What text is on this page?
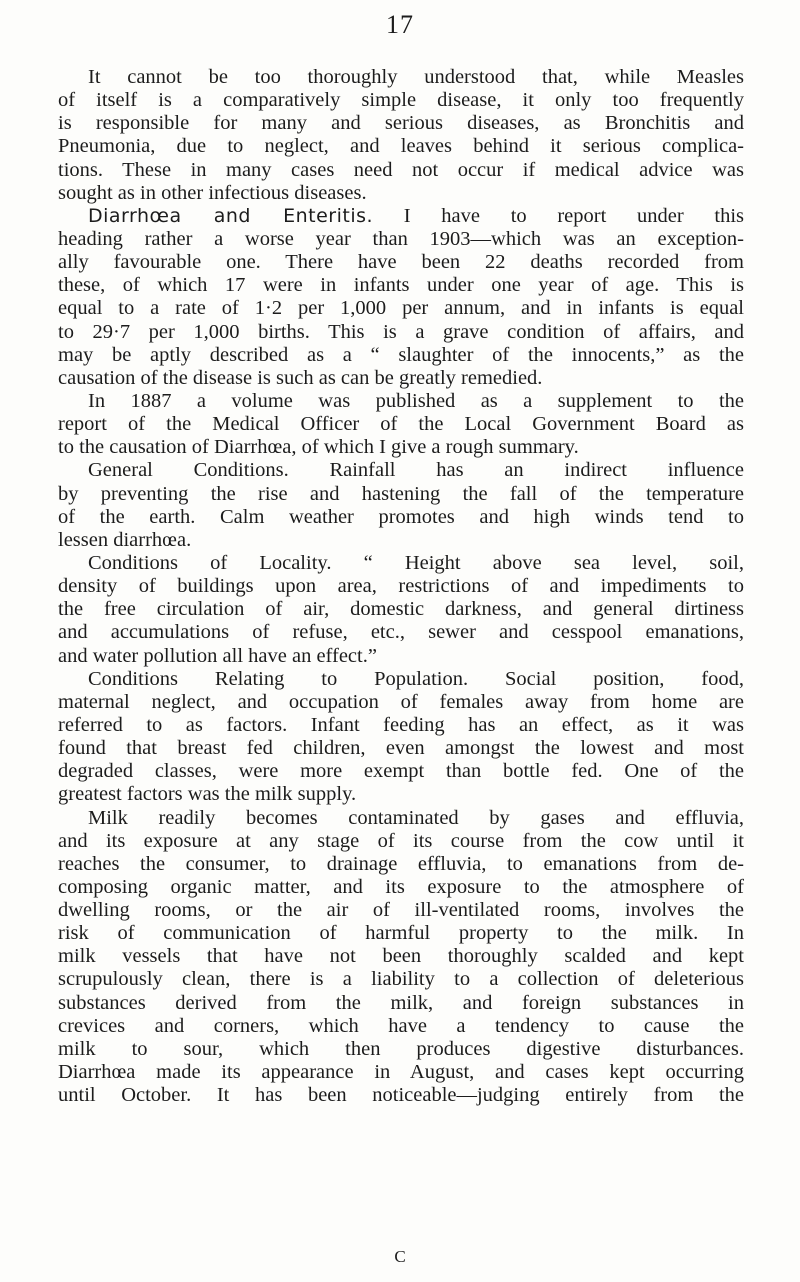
17
It cannot be too thoroughly understood that, while Measles
of itself is a comparatively simple disease, it only too frequently
is responsible for many and serious diseases, as Bronchitis and
Pneumonia, due to neglect, and leaves behind it serious complica-
tions. These in many cases need not occur if medical advice was
sought as in other infectious diseases.
Diarrhœa and Enteritis. I have to report under this
heading rather a worse year than 1903—which was an exception-
ally favourable one. There have been 22 deaths recorded from
these, of which 17 were in infants under one year of age. This is
equal to a rate of 1·2 per 1,000 per annum, and in infants is equal
to 29·7 per 1,000 births. This is a grave condition of affairs, and
may be aptly described as a “ slaughter of the innocents,” as the
causation of the disease is such as can be greatly remedied.
In 1887 a volume was published as a supplement to the
report of the Medical Officer of the Local Government Board as
to the causation of Diarrhœa, of which I give a rough summary.
General Conditions. Rainfall has an indirect influence
by preventing the rise and hastening the fall of the temperature
of the earth. Calm weather promotes and high winds tend to
lessen diarrhœa.
Conditions of Locality. “ Height above sea level, soil,
density of buildings upon area, restrictions of and impediments to
the free circulation of air, domestic darkness, and general dirtiness
and accumulations of refuse, etc., sewer and cesspool emanations,
and water pollution all have an effect.”
Conditions Relating to Population. Social position, food,
maternal neglect, and occupation of females away from home are
referred to as factors. Infant feeding has an effect, as it was
found that breast fed children, even amongst the lowest and most
degraded classes, were more exempt than bottle fed. One of the
greatest factors was the milk supply.
Milk readily becomes contaminated by gases and effluvia,
and its exposure at any stage of its course from the cow until it
reaches the consumer, to drainage effluvia, to emanations from de-
composing organic matter, and its exposure to the atmosphere of
dwelling rooms, or the air of ill-ventilated rooms, involves the
risk of communication of harmful property to the milk. In
milk vessels that have not been thoroughly scalded and kept
scrupulously clean, there is a liability to a collection of deleterious
substances derived from the milk, and foreign substances in
crevices and corners, which have a tendency to cause the
milk to sour, which then produces digestive disturbances.
Diarrhœa made its appearance in August, and cases kept occurring
until October. It has been noticeable—judging entirely from the
C
